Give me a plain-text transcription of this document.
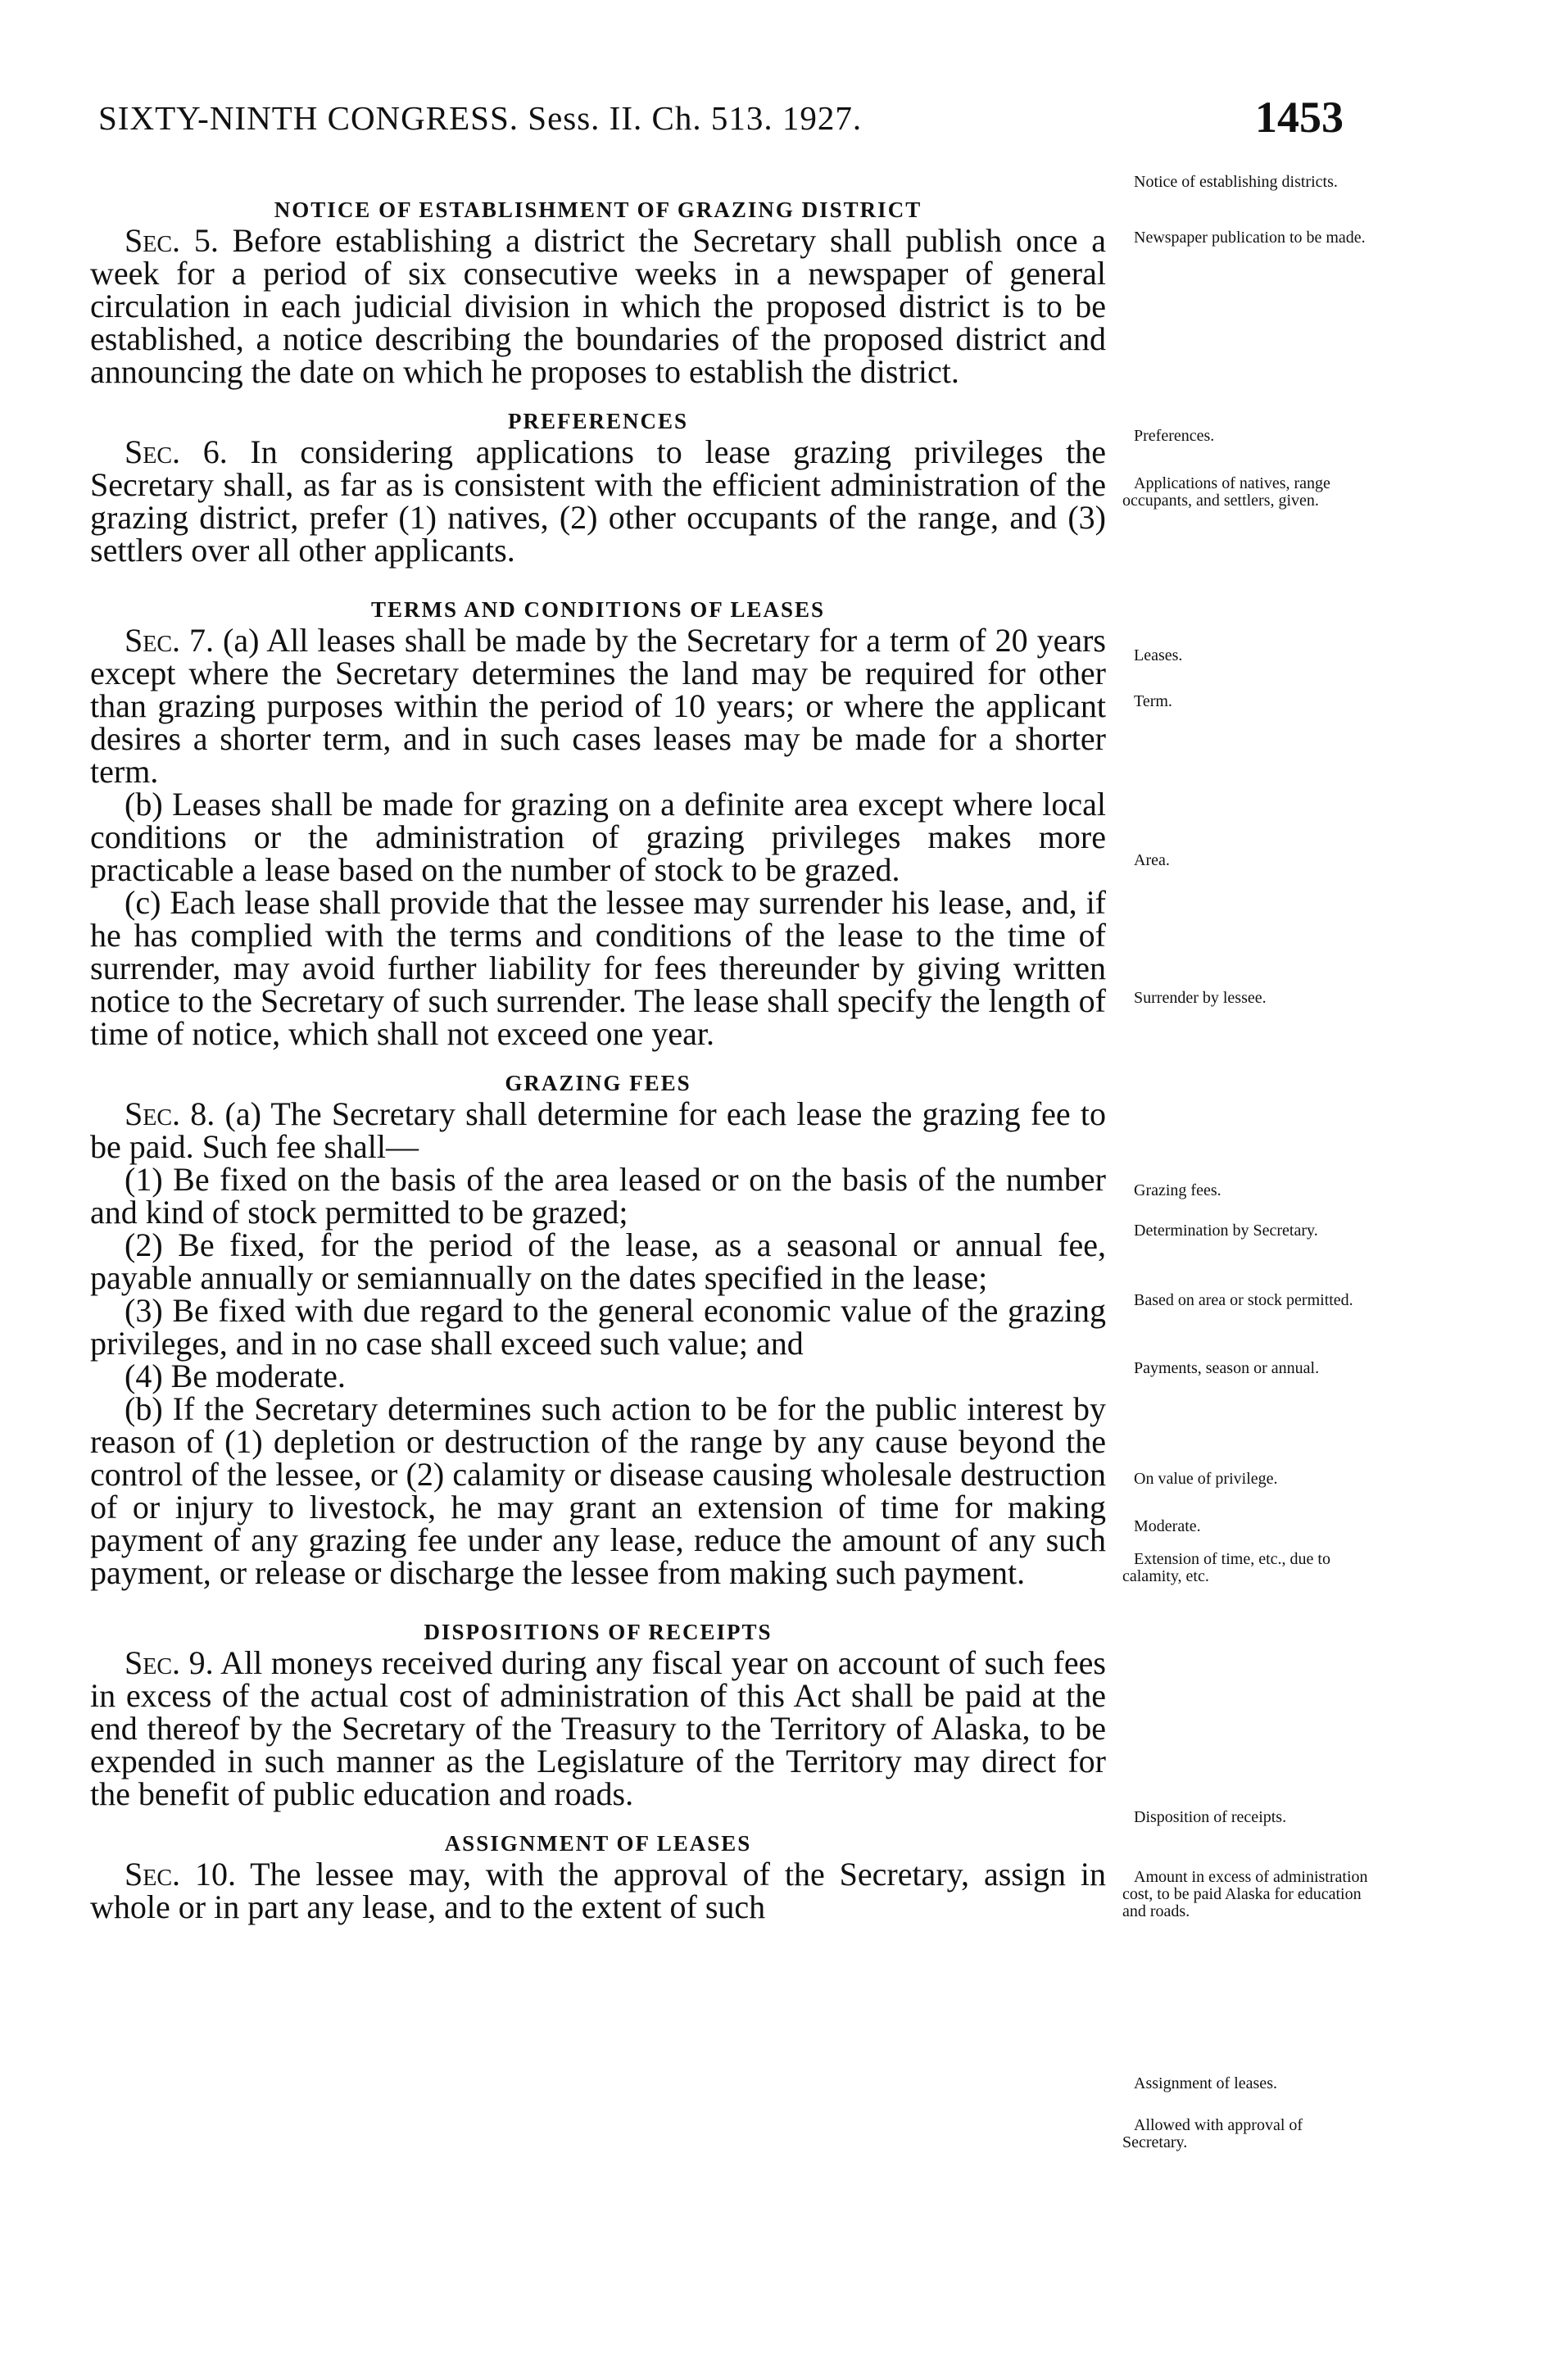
SIXTY-NINTH CONGRESS. Sess. II. Ch. 513. 1927.	1453
NOTICE OF ESTABLISHMENT OF GRAZING DISTRICT

Sec. 5. Before establishing a district the Secretary shall publish once a week for a period of six consecutive weeks in a newspaper of general circulation in each judicial division in which the proposed district is to be established, a notice describing the boundaries of the proposed district and announcing the date on which he proposes to establish the district.

PREFERENCES

Sec. 6. In considering applications to lease grazing privileges the Secretary shall, as far as is consistent with the efficient administration of the grazing district, prefer (1) natives, (2) other occupants of the range, and (3) settlers over all other applicants.

TERMS AND CONDITIONS OF LEASES

Sec. 7. (a) All leases shall be made by the Secretary for a term of 20 years except where the Secretary determines the land may be required for other than grazing purposes within the period of 10 years; or where the applicant desires a shorter term, and in such cases leases may be made for a shorter term.

(b) Leases shall be made for grazing on a definite area except where local conditions or the administration of grazing privileges makes more practicable a lease based on the number of stock to be grazed.

(c) Each lease shall provide that the lessee may surrender his lease, and, if he has complied with the terms and conditions of the lease to the time of surrender, may avoid further liability for fees thereunder by giving written notice to the Secretary of such surrender. The lease shall specify the length of time of notice, which shall not exceed one year.

GRAZING FEES

Sec. 8. (a) The Secretary shall determine for each lease the grazing fee to be paid. Such fee shall—

(1) Be fixed on the basis of the area leased or on the basis of the number and kind of stock permitted to be grazed;

(2) Be fixed, for the period of the lease, as a seasonal or annual fee, payable annually or semiannually on the dates specified in the lease;

(3) Be fixed with due regard to the general economic value of the grazing privileges, and in no case shall exceed such value; and

(4) Be moderate.

(b) If the Secretary determines such action to be for the public interest by reason of (1) depletion or destruction of the range by any cause beyond the control of the lessee, or (2) calamity or disease causing wholesale destruction of or injury to livestock, he may grant an extension of time for making payment of any grazing fee under any lease, reduce the amount of any such payment, or release or discharge the lessee from making such payment.

DISPOSITIONS OF RECEIPTS

Sec. 9. All moneys received during any fiscal year on account of such fees in excess of the actual cost of administration of this Act shall be paid at the end thereof by the Secretary of the Treasury to the Territory of Alaska, to be expended in such manner as the Legislature of the Territory may direct for the benefit of public education and roads.

ASSIGNMENT OF LEASES

Sec. 10. The lessee may, with the approval of the Secretary, assign in whole or in part any lease, and to the extent of such

Notice of establishing districts.
Newspaper publication to be made.
Preferences.
Applications of natives, range occupants, and settlers, given.
Leases.
Term.
Area.
Surrender by lessee.
Grazing fees.
Determination by Secretary.
Based on area or stock permitted.
Payments, season or annual.
On value of privilege.
Moderate.
Extension of time, etc., due to calamity, etc.
Disposition of receipts.
Amount in excess of administration cost, to be paid Alaska for education and roads.
Assignment of leases.
Allowed with approval of Secretary.
